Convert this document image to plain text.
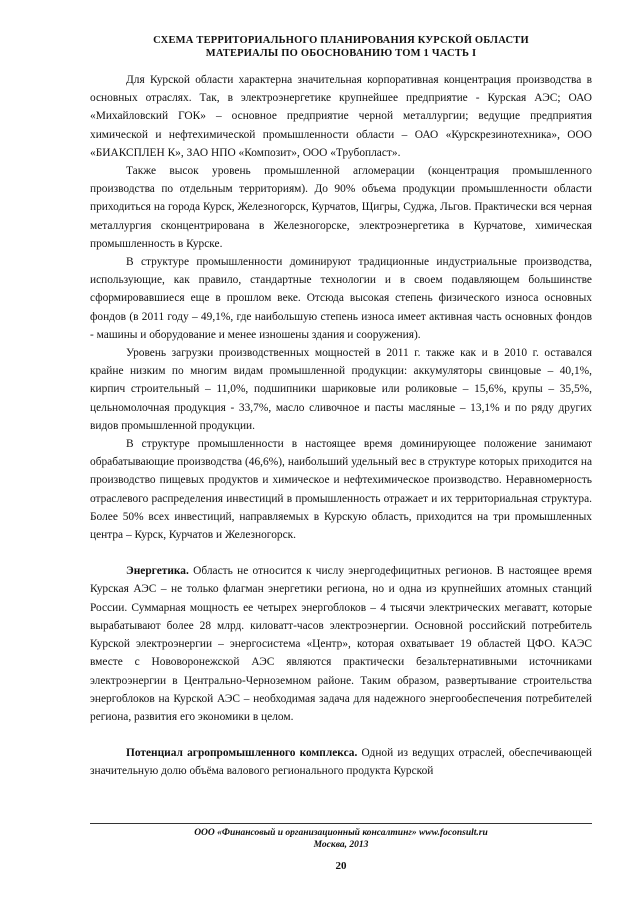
СХЕМА ТЕРРИТОРИАЛЬНОГО ПЛАНИРОВАНИЯ КУРСКОЙ ОБЛАСТИ
МАТЕРИАЛЫ ПО ОБОСНОВАНИЮ ТОМ 1 ЧАСТЬ I

Для Курской области характерна значительная корпоративная концентрация производства в основных отраслях. Так, в электроэнергетике крупнейшее предприятие - Курская АЭС; ОАО «Михайловский ГОК» – основное предприятие черной металлургии; ведущие предприятия химической и нефтехимической промышленности области – ОАО «Курскрезинотехника», ООО «БИАКСПЛЕН К», ЗАО НПО «Композит», ООО «Трубопласт».

Также высок уровень промышленной агломерации (концентрация промышленного производства по отдельным территориям). До 90% объема продукции промышленности области приходиться на города Курск, Железногорск, Курчатов, Щигры, Суджа, Льгов. Практически вся черная металлургия сконцентрирована в Железногорске, электроэнергетика в Курчатове, химическая промышленность в Курске.

В структуре промышленности доминируют традиционные индустриальные производства, использующие, как правило, стандартные технологии и в своем подавляющем большинстве сформировавшиеся еще в прошлом веке. Отсюда высокая степень физического износа основных фондов (в 2011 году – 49,1%, где наибольшую степень износа имеет активная часть основных фондов - машины и оборудование и менее изношены здания и сооружения).

Уровень загрузки производственных мощностей в 2011 г. также как и в 2010 г. оставался крайне низким по многим видам промышленной продукции: аккумуляторы свинцовые – 40,1%, кирпич строительный – 11,0%, подшипники шариковые или роликовые – 15,6%, крупы – 35,5%, цельномолочная продукция - 33,7%, масло сливочное и пасты масляные – 13,1% и по ряду других видов промышленной продукции.

В структуре промышленности в настоящее время доминирующее положение занимают обрабатывающие производства (46,6%), наибольший удельный вес в структуре которых приходится на производство пищевых продуктов и химическое и нефтехимическое производство. Неравномерность отраслевого распределения инвестиций в промышленность отражает и их территориальная структура. Более 50% всех инвестиций, направляемых в Курскую область, приходится на три промышленных центра – Курск, Курчатов и Железногорск.

Энергетика. Область не относится к числу энергодефицитных регионов. В настоящее время Курская АЭС – не только флагман энергетики региона, но и одна из крупнейших атомных станций России. Суммарная мощность ее четырех энергоблоков – 4 тысячи электрических мегаватт, которые вырабатывают более 28 млрд. киловатт-часов электроэнергии. Основной российский потребитель Курской электроэнергии – энергосистема «Центр», которая охватывает 19 областей ЦФО. КАЭС вместе с Нововоронежской АЭС являются практически безальтернативными источниками электроэнергии в Центрально-Черноземном районе. Таким образом, развертывание строительства энергоблоков на Курской АЭС – необходимая задача для надежного энергообеспечения потребителей региона, развития его экономики в целом.

Потенциал агропромышленного комплекса. Одной из ведущих отраслей, обеспечивающей значительную долю объёма валового регионального продукта Курской

ООО «Финансовый и организационный консалтинг» www.foconsult.ru
Москва, 2013
20
